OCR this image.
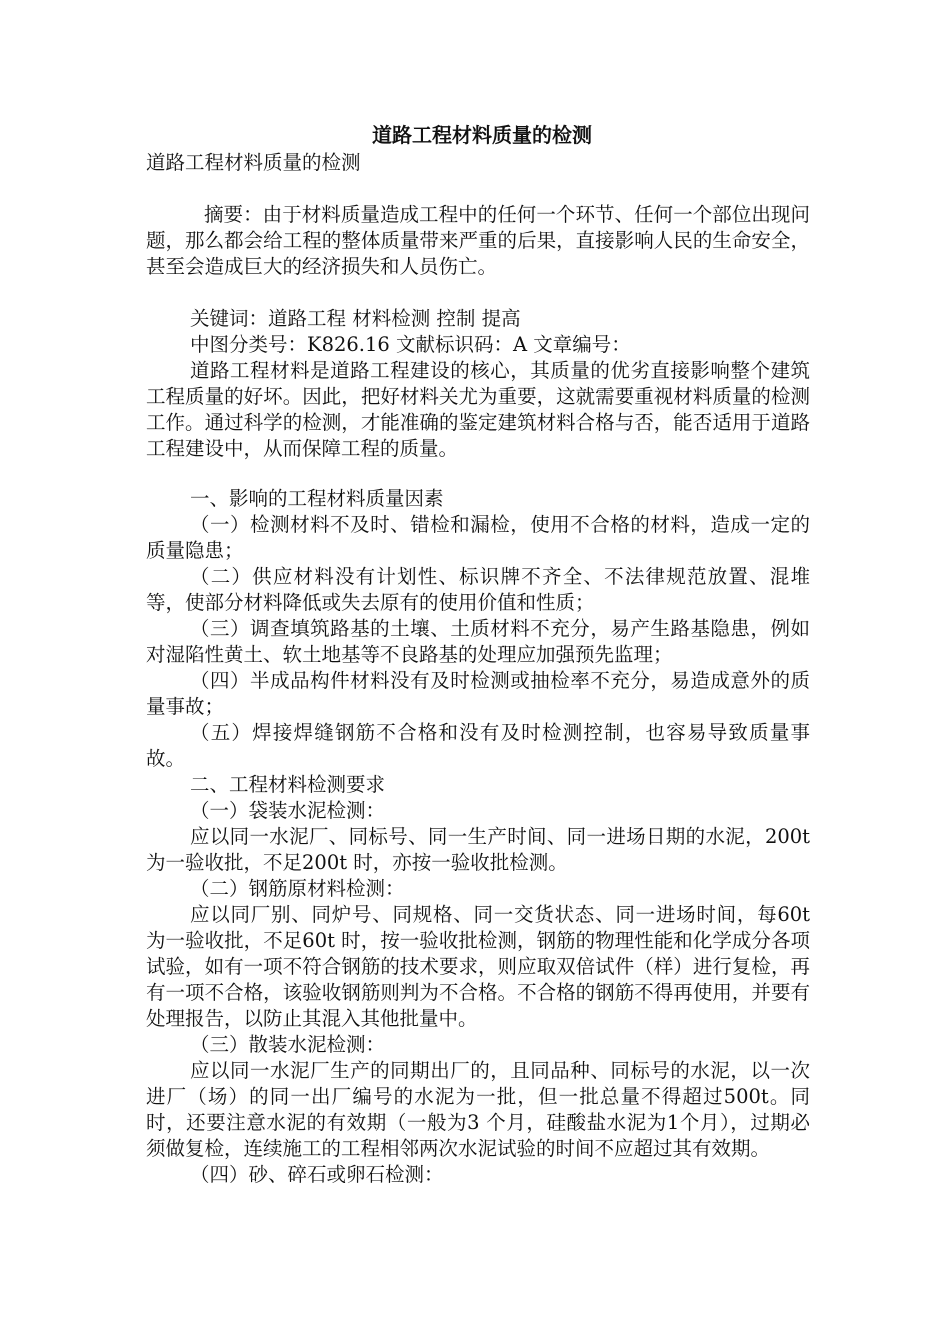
道路工程材料质量的检测

道路工程材料质量的检测

摘要：由于材料质量造成工程中的任何一个环节、任何一个部位出现问题，那么都会给工程的整体质量带来严重的后果，直接影响人民的生命安全，甚至会造成巨大的经济损失和人员伤亡。

关键词：道路工程 材料检测 控制 提高

中图分类号：K826.16 文献标识码：A 文章编号：

道路工程材料是道路工程建设的核心，其质量的优劣直接影响整个建筑工程质量的好坏。因此，把好材料关尤为重要，这就需要重视材料质量的检测工作。通过科学的检测，才能准确的鉴定建筑材料合格与否，能否适用于道路工程建设中，从而保障工程的质量。

一、影响的工程材料质量因素

（一）检测材料不及时、错检和漏检，使用不合格的材料，造成一定的质量隐患；

（二）供应材料没有计划性、标识牌不齐全、不法律规范放置、混堆等，使部分材料降低或失去原有的使用价值和性质；

（三）调查填筑路基的土壤、土质材料不充分，易产生路基隐患，例如对湿陷性黄土、软土地基等不良路基的处理应加强预先监理；

（四）半成品构件材料没有及时检测或抽检率不充分，易造成意外的质量事故；

（五）焊接焊缝钢筋不合格和没有及时检测控制，也容易导致质量事故。

二、工程材料检测要求

（一）袋装水泥检测：

应以同一水泥厂、同标号、同一生产时间、同一进场日期的水泥，200t 为一验收批，不足200t 时，亦按一验收批检测。

（二）钢筋原材料检测：

应以同厂别、同炉号、同规格、同一交货状态、同一进场时间，每60t 为一验收批，不足60t 时，按一验收批检测，钢筋的物理性能和化学成分各项试验，如有一项不符合钢筋的技术要求，则应取双倍试件（样）进行复检，再有一项不合格，该验收钢筋则判为不合格。不合格的钢筋不得再使用，并要有处理报告，以防止其混入其他批量中。

（三）散装水泥检测：

应以同一水泥厂生产的同期出厂的，且同品种、同标号的水泥，以一次进厂（场）的同一出厂编号的水泥为一批，但一批总量不得超过500t。同时，还要注意水泥的有效期（一般为3 个月，硅酸盐水泥为1个月），过期必须做复检，连续施工的工程相邻两次水泥试验的时间不应超过其有效期。

（四）砂、碎石或卵石检测：
